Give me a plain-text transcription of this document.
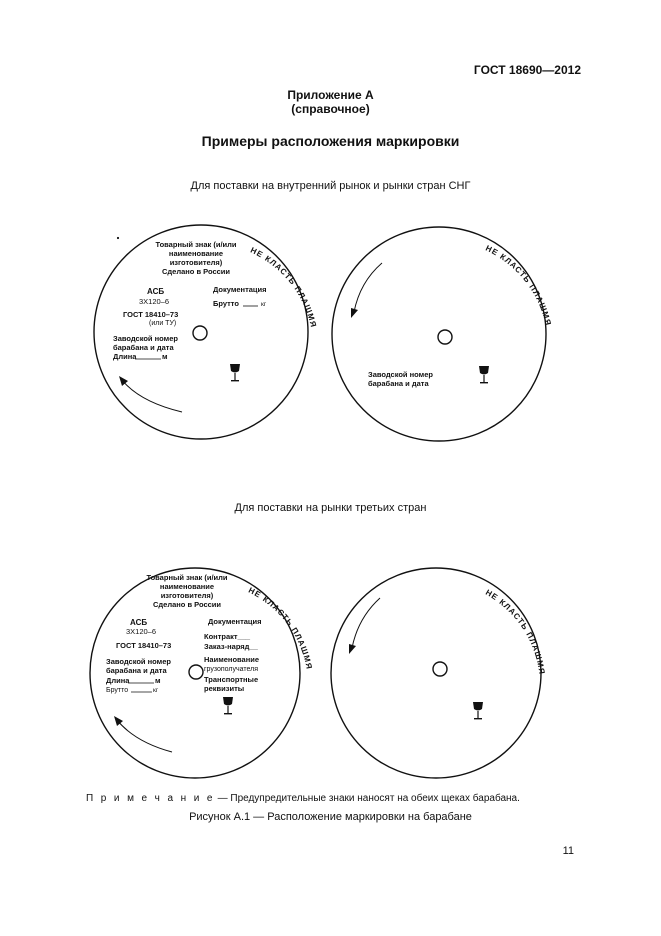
ГОСТ 18690—2012
Приложение А
(справочное)
Примеры расположения маркировки
Для поставки на внутренний рынок и рынки стран СНГ
Для поставки на рынки третьих стран
Товарный знак (и/или
наименование
изготовителя)
Сделано в России
Документация
Брутто	кг
АСБ
3Х120–6
ГОСТ 18410–73
(или ТУ)
Заводской номер
барабана и дата
Длина	м
НЕ КЛАСТЬ ПЛАШМЯ
Заводской номер
барабана и дата
НЕ КЛАСТЬ ПЛАШМЯ
Товарный знак (и/или
наименование
изготовителя)
Сделано в России
Документация
Контракт___
Заказ-наряд__
Наименование
грузополучателя
Транспортные
реквизиты
АСБ
3Х120–6
ГОСТ 18410–73
Заводской номер
барабана и дата
Длина	м
Брутто	кг
НЕ КЛАСТЬ ПЛАШМЯ
НЕ КЛАСТЬ ПЛАШМЯ
П р и м е ч а н и е — Предупредительные знаки наносят на обеих щеках барабана.
Рисунок А.1 — Расположение маркировки на барабане
11
